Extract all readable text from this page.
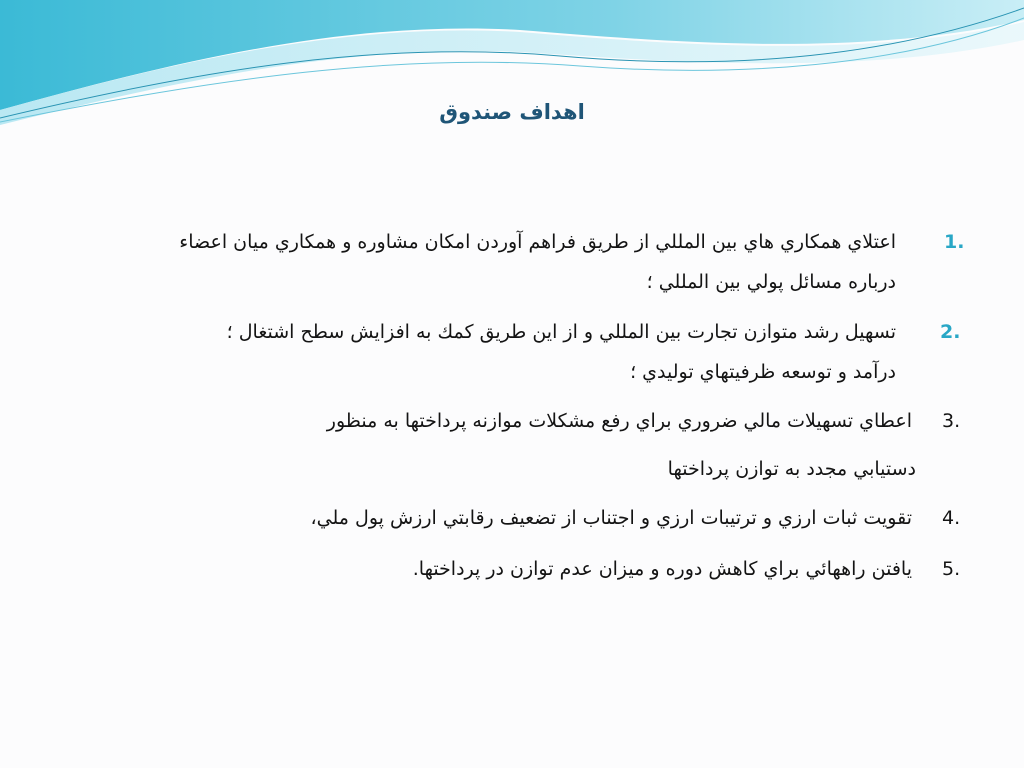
اهداف صندوق
1.
اعتلاي همكاري هاي بين المللي از طريق فراهم آوردن امكان مشاوره و همكاري ميان اعضاء
درباره مسائل پولي بين المللي ؛
2.
تسهيل رشد متوازن تجارت بين المللي و از اين طريق كمك به افزايش سطح اشتغال ؛
درآمد و توسعه ظرفيتهاي توليدي ؛
3.
اعطاي تسهيلات مالي ضروري براي رفع مشكلات موازنه پرداختها به منظور
دستيابي مجدد به توازن پرداختها
4.
تقويت ثبات ارزي و ترتيبات ارزي و اجتناب از تضعيف رقابتي ارزش پول ملي،
5.
يافتن راههائي براي كاهش دوره و ميزان عدم توازن در پرداختها.
